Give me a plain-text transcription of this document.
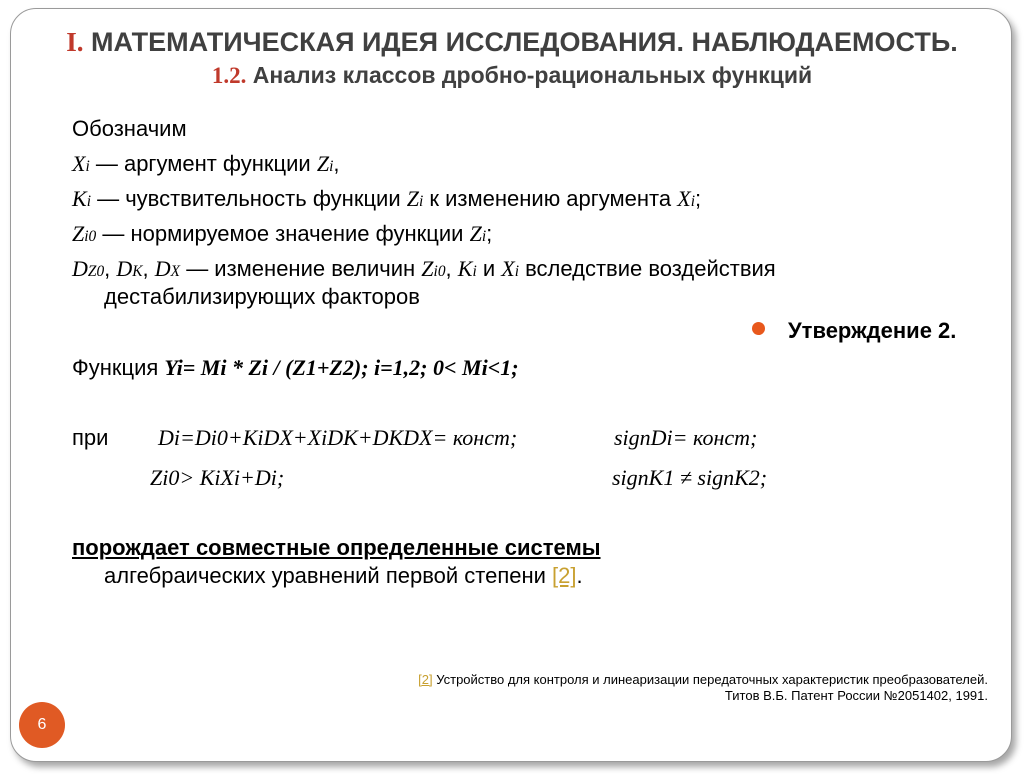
I. МАТЕМАТИЧЕСКАЯ ИДЕЯ ИССЛЕДОВАНИЯ. НАБЛЮДАЕМОСТЬ.
1.2. Анализ классов дробно-рациональных функций
Обозначим
Xi — аргумент функции Zi,
Ki — чувствительность функции Zi к изменению аргумента Xi;
Zi0 — нормируемое значение функции Zi;
DZ0, DK, DX — изменение величин Zi0, Ki и Xi вследствие воздействия
дестабилизирующих факторов
Утверждение 2.
Функция Yi= Mi * Zi / (Z1+Z2); i=1,2; 0< Mi<1;
при Di=Di0+KiDX+XiDK+DKDX= конст;	signDi= конст;
Zi0> KiXi+Di;	signK1 ≠ signK2;
порождает совместные определенные системы
алгебраических уравнений первой степени [2].
[2] Устройство для контроля и линеаризации передаточных характеристик преобразователей.
Титов В.Б. Патент России №2051402, 1991.
6
